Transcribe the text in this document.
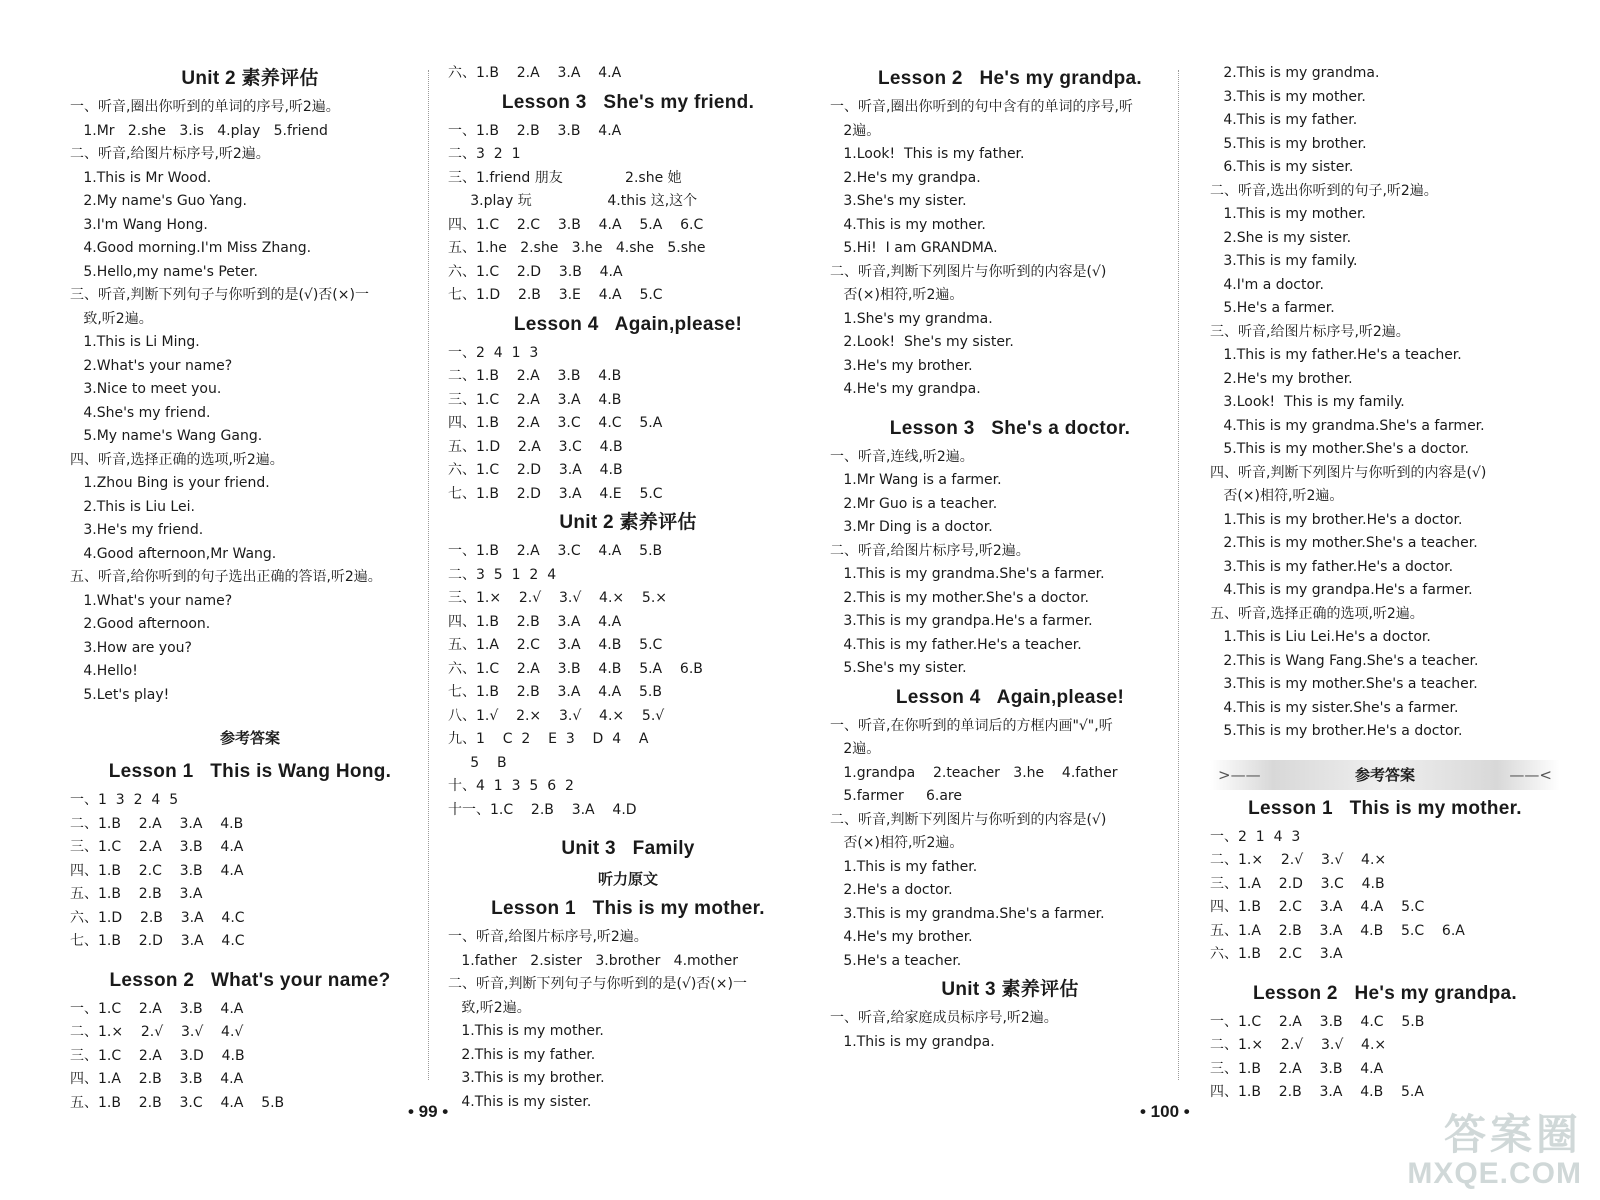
Unit 2 素养评估
一、听音,圈出你听到的单词的序号,听2遍。
1.Mr   2.she   3.is   4.play   5.friend
二、听音,给图片标序号,听2遍。
1.This is Mr Wood.
2.My name's Guo Yang.
3.I'm Wang Hong.
4.Good morning.I'm Miss Zhang.
5.Hello,my name's Peter.
三、听音,判断下列句子与你听到的是(√)否(×)一
致,听2遍。
1.This is Li Ming.
2.What's your name?
3.Nice to meet you.
4.She's my friend.
5.My name's Wang Gang.
四、听音,选择正确的选项,听2遍。
1.Zhou Bing is your friend.
2.This is Liu Lei.
3.He's my friend.
4.Good afternoon,Mr Wang.
五、听音,给你听到的句子选出正确的答语,听2遍。
1.What's your name?
2.Good afternoon.
3.How are you?
4.Hello!
5.Let's play!
参考答案
Lesson 1   This is Wang Hong.
一、1  3  2  4  5
二、1.B    2.A    3.A    4.B
三、1.C    2.A    3.B    4.A
四、1.B    2.C    3.B    4.A
五、1.B    2.B    3.A
六、1.D    2.B    3.A    4.C
七、1.B    2.D    3.A    4.C
Lesson 2   What's your name?
一、1.C    2.A    3.B    4.A
二、1.×    2.√    3.√    4.√
三、1.C    2.A    3.D    4.B
四、1.A    2.B    3.B    4.A
五、1.B    2.B    3.C    4.A    5.B
六、1.B    2.A    3.A    4.A
Lesson 3   She's my friend.
一、1.B    2.B    3.B    4.A
二、3  2  1
三、1.friend 朋友              2.she 她
3.play 玩                 4.this 这,这个
四、1.C    2.C    3.B    4.A    5.A    6.C
五、1.he   2.she   3.he   4.she   5.she
六、1.C    2.D    3.B    4.A
七、1.D    2.B    3.E    4.A    5.C
Lesson 4   Again,please!
一、2  4  1  3
二、1.B    2.A    3.B    4.B
三、1.C    2.A    3.A    4.B
四、1.B    2.A    3.C    4.C    5.A
五、1.D    2.A    3.C    4.B
六、1.C    2.D    3.A    4.B
七、1.B    2.D    3.A    4.E    5.C
Unit 2 素养评估
一、1.B    2.A    3.C    4.A    5.B
二、3  5  1  2  4
三、1.×    2.√    3.√    4.×    5.×
四、1.B    2.B    3.A    4.A
五、1.A    2.C    3.A    4.B    5.C
六、1.C    2.A    3.B    4.B    5.A    6.B
七、1.B    2.B    3.A    4.A    5.B
八、1.√    2.×    3.√    4.×    5.√
九、1    C  2    E  3    D  4    A
5    B
十、4  1  3  5  6  2
十一、1.C    2.B    3.A    4.D
Unit 3   Family
听力原文
Lesson 1   This is my mother.
一、听音,给图片标序号,听2遍。
1.father   2.sister   3.brother   4.mother
二、听音,判断下列句子与你听到的是(√)否(×)一
致,听2遍。
1.This is my mother.
2.This is my father.
3.This is my brother.
4.This is my sister.
Lesson 2   He's my grandpa.
一、听音,圈出你听到的句中含有的单词的序号,听
2遍。
1.Look!  This is my father.
2.He's my grandpa.
3.She's my sister.
4.This is my mother.
5.Hi!  I am GRANDMA.
二、听音,判断下列图片与你听到的内容是(√)
否(×)相符,听2遍。
1.She's my grandma.
2.Look!  She's my sister.
3.He's my brother.
4.He's my grandpa.
Lesson 3   She's a doctor.
一、听音,连线,听2遍。
1.Mr Wang is a farmer.
2.Mr Guo is a teacher.
3.Mr Ding is a doctor.
二、听音,给图片标序号,听2遍。
1.This is my grandma.She's a farmer.
2.This is my mother.She's a doctor.
3.This is my grandpa.He's a farmer.
4.This is my father.He's a teacher.
5.She's my sister.
Lesson 4   Again,please!
一、听音,在你听到的单词后的方框内画"√",听
2遍。
1.grandpa    2.teacher   3.he    4.father
5.farmer     6.are
二、听音,判断下列图片与你听到的内容是(√)
否(×)相符,听2遍。
1.This is my father.
2.He's a doctor.
3.This is my grandma.She's a farmer.
4.He's my brother.
5.He's a teacher.
Unit 3 素养评估
一、听音,给家庭成员标序号,听2遍。
1.This is my grandpa.
2.This is my grandma.
3.This is my mother.
4.This is my father.
5.This is my brother.
6.This is my sister.
二、听音,选出你听到的句子,听2遍。
1.This is my mother.
2.She is my sister.
3.This is my family.
4.I'm a doctor.
5.He's a farmer.
三、听音,给图片标序号,听2遍。
1.This is my father.He's a teacher.
2.He's my brother.
3.Look!  This is my family.
4.This is my grandma.She's a farmer.
5.This is my mother.She's a doctor.
四、听音,判断下列图片与你听到的内容是(√)
否(×)相符,听2遍。
1.This is my brother.He's a doctor.
2.This is my mother.She's a teacher.
3.This is my father.He's a doctor.
4.This is my grandpa.He's a farmer.
五、听音,选择正确的选项,听2遍。
1.This is Liu Lei.He's a doctor.
2.This is Wang Fang.She's a teacher.
3.This is my mother.She's a teacher.
4.This is my sister.She's a farmer.
5.This is my brother.He's a doctor.
>——	——<
参考答案
Lesson 1   This is my mother.
一、2  1  4  3
二、1.×    2.√    3.√    4.×
三、1.A    2.D    3.C    4.B
四、1.B    2.C    3.A    4.A    5.C
五、1.A    2.B    3.A    4.B    5.C    6.A
六、1.B    2.C    3.A
Lesson 2   He's my grandpa.
一、1.C    2.A    3.B    4.C    5.B
二、1.×    2.√    3.√    4.×
三、1.B    2.A    3.B    4.A
四、1.B    2.B    3.A    4.B    5.A
• 99 •	• 100 •	答案圈
MXQE.COM
